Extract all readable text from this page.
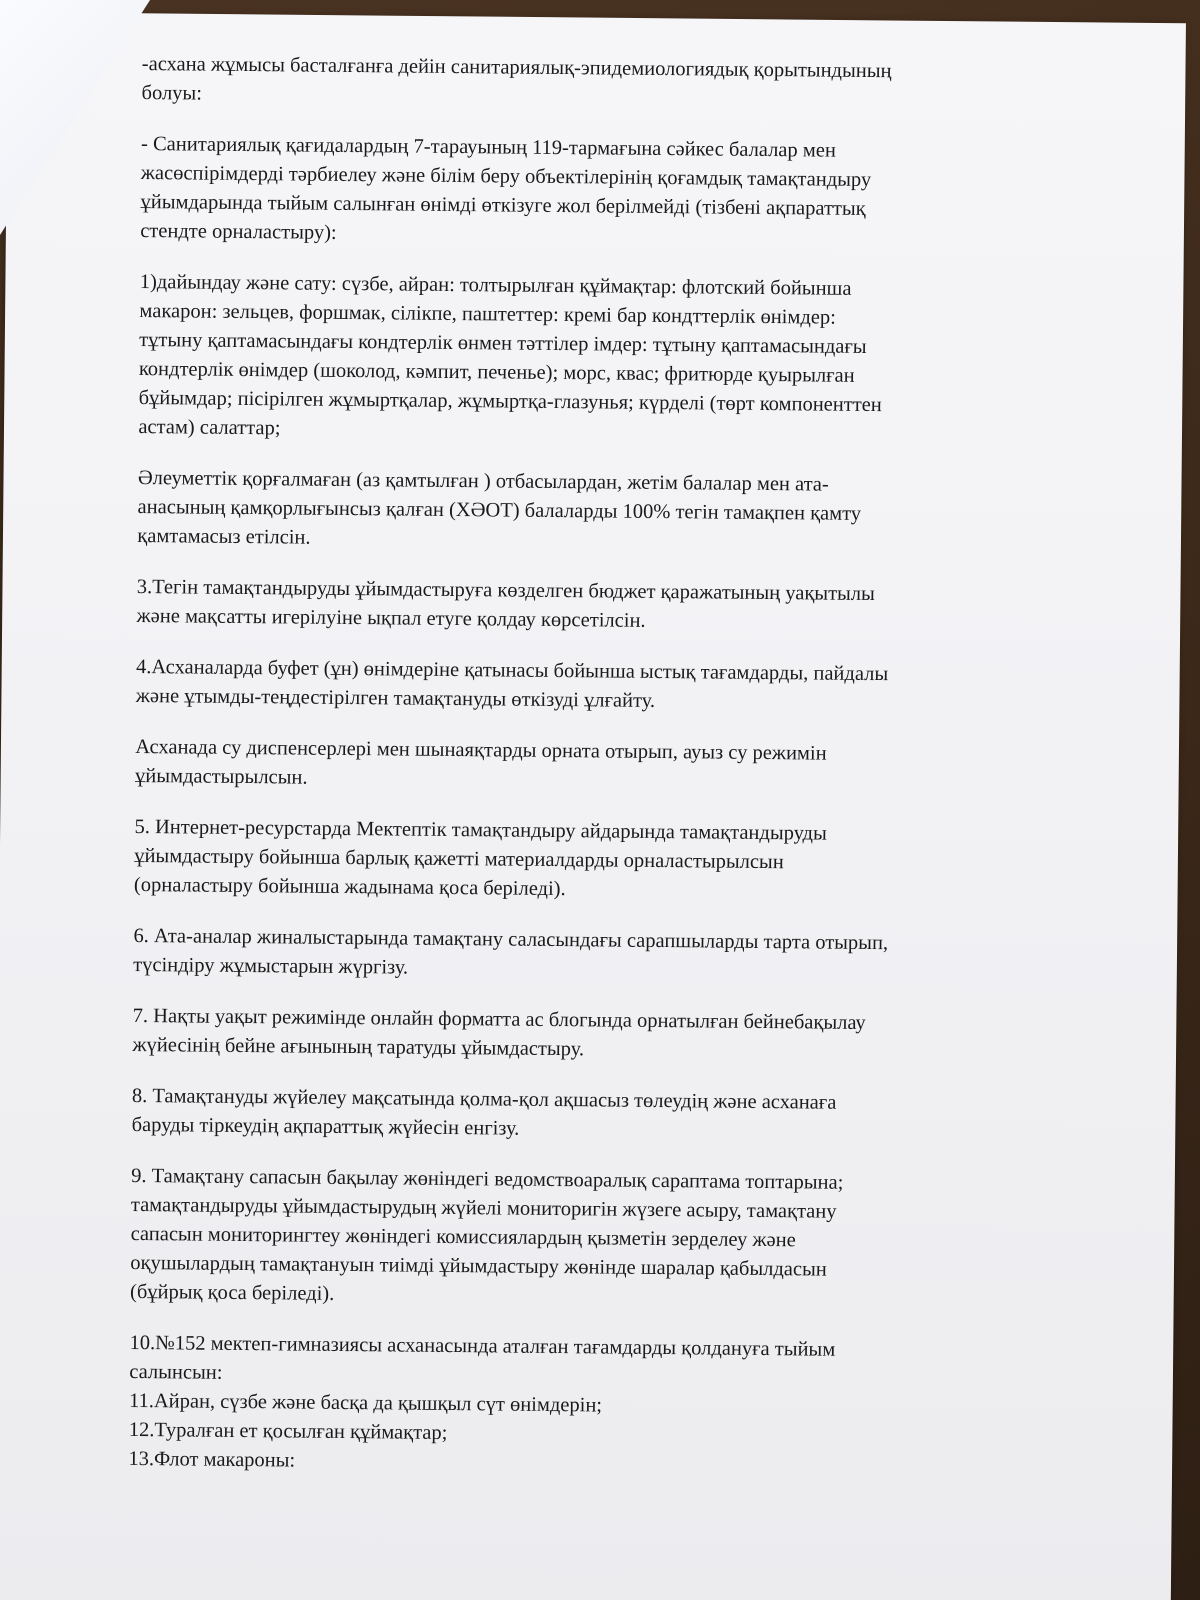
-асхана жұмысы басталғанға дейін санитариялық-эпидемиологиядық қорытындының
болуы:

- Санитариялық қағидалардың 7-тарауының 119-тармағына сәйкес балалар мен
жасөспірімдерді тәрбиелеу және білім беру объектілерінің қоғамдық тамақтандыру
ұйымдарында тыйым салынған өнімді өткізуге жол берілмейді (тізбені ақпараттық
стендте орналастыру):

1)дайындау және сату: сүзбе, айран: толтырылған құймақтар: флотский бойынша
макарон: зельцев, форшмак, сілікпе, паштеттер: кремі бар кондттерлік өнімдер:
тұтыну қаптамасындағы кондтерлік өнмен тәттілер імдер: тұтыну қаптамасындағы
кондтерлік өнімдер (шоколод, кәмпит, печенье); морс, квас; фритюрде қуырылған
бұйымдар; пісірілген жұмыртқалар, жұмыртқа-глазунья; күрделі (төрт компоненттен
астам) салаттар;

Әлеуметтік қорғалмаған (аз қамтылған ) отбасылардан, жетім балалар мен ата-
анасының қамқорлығынсыз қалған (ХӘОТ) балаларды 100% тегін тамақпен қамту
қамтамасыз етілсін.

3.Тегін тамақтандыруды ұйымдастыруға көзделген бюджет қаражатының уақытылы
және мақсатты игерілуіне ықпал етуге қолдау көрсетілсін.

4.Асханаларда буфет (ұн) өнімдеріне қатынасы бойынша ыстық тағамдарды, пайдалы
және ұтымды-теңдестірілген тамақтануды өткізуді ұлғайту.

Асханада су диспенсерлері мен шынаяқтарды орната отырып, ауыз су режимін
ұйымдастырылсын.

5. Интернет-ресурстарда Мектептік тамақтандыру айдарында тамақтандыруды
ұйымдастыру бойынша барлық қажетті материалдарды орналастырылсын
(орналастыру бойынша жадынама қоса беріледі).

6. Ата-аналар жиналыстарында тамақтану саласындағы сарапшыларды тарта отырып,
түсіндіру жұмыстарын жүргізу.

7. Нақты уақыт режимінде онлайн форматта ас блогында орнатылған бейнебақылау
жүйесінің бейне ағынының таратуды ұйымдастыру.

8. Тамақтануды жүйелеу мақсатында қолма-қол ақшасыз төлеудің және асханаға
баруды тіркеудің ақпараттық жүйесін енгізу.

9. Тамақтану сапасын бақылау жөніндегі ведомствоаралық сараптама топтарына;
тамақтандыруды ұйымдастырудың жүйелі мониторигін жүзеге асыру, тамақтану
сапасын мониторингтеу жөніндегі комиссиялардың қызметін зерделеу және
оқушылардың тамақтануын тиімді ұйымдастыру жөнінде шаралар қабылдасын
(бұйрық қоса беріледі).

10.№152 мектеп-гимназиясы асханасында аталған тағамдарды қолдануға тыйым
салынсын:

11.Айран, сүзбе және басқа да қышқыл сүт өнімдерін;

12.Туралған ет қосылған құймақтар;

13.Флот макароны:
